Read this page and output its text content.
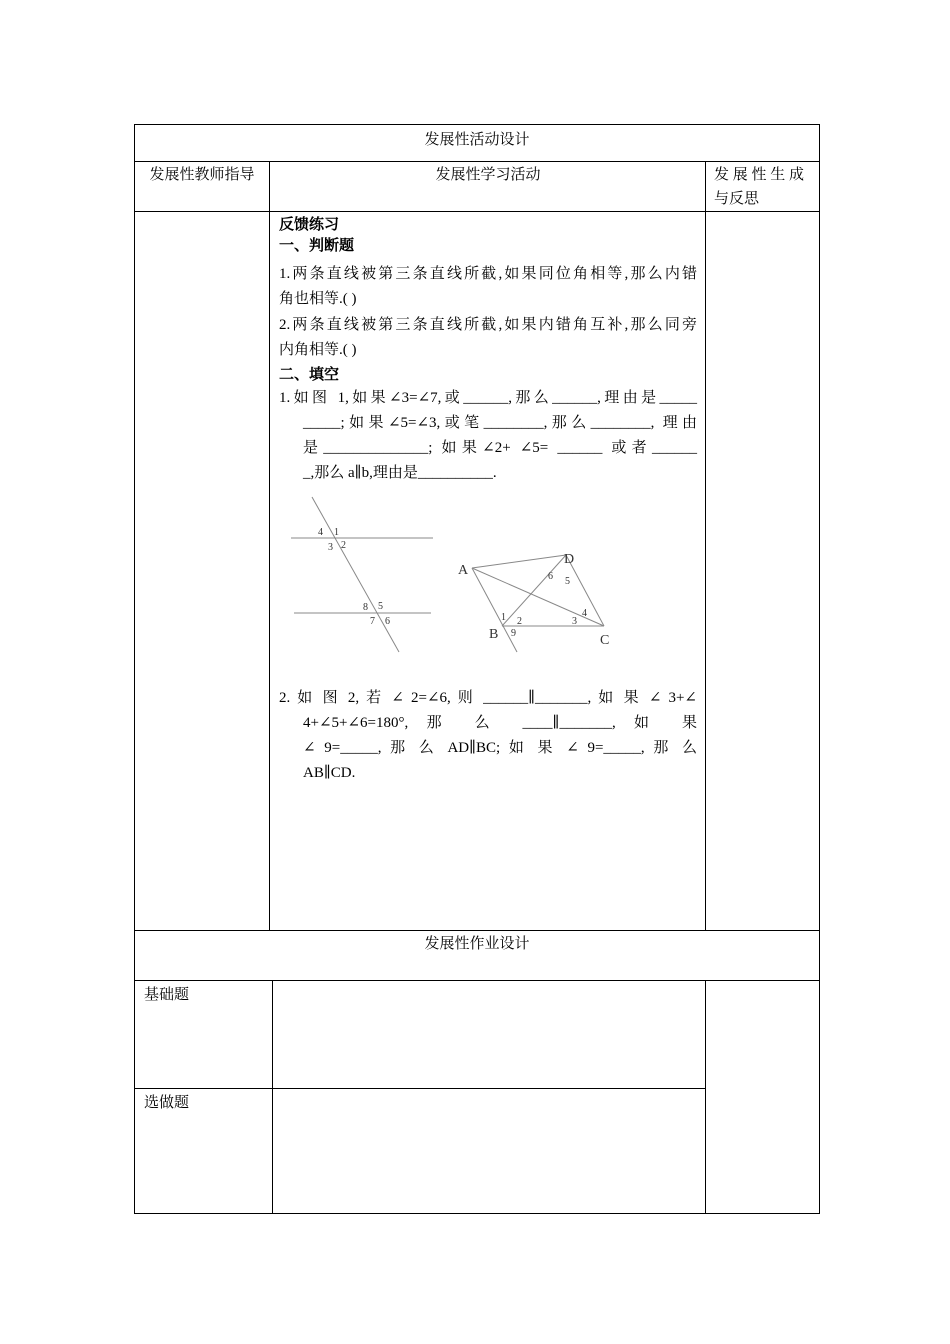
发展性活动设计
发展性教师指导	发展性学习活动	发 展 性 生 成
与反思
反馈练习
一、判断题
1.两条直线被第三条直线所截,如果同位角相等,那么内错
角也相等.( )
2.两条直线被第三条直线所截,如果内错角互补,那么同旁
内角相等.( )
二、填空
1.如图 1,如果∠3=∠7,或______,那么______,理由是_____
_____;如果∠5=∠3,或笔________,那么________, 理由
是______________; 如果∠2+ ∠5= ______ 或者______
_,那么 a∥b,理由是__________.
4 1
3 2
8 5
7 6
A
D
B	C
6 5
1 2	3
4
9
2. 如 图 2, 若 ∠ 2=∠6, 则 ______∥_______, 如 果 ∠ 3+∠
4+∠5+∠6=180°, 那 么 ____∥_______, 如 果
∠ 9=_____, 那 么 AD∥BC; 如 果 ∠ 9=_____, 那 么
AB∥CD.
发展性作业设计
基础题
选做题
